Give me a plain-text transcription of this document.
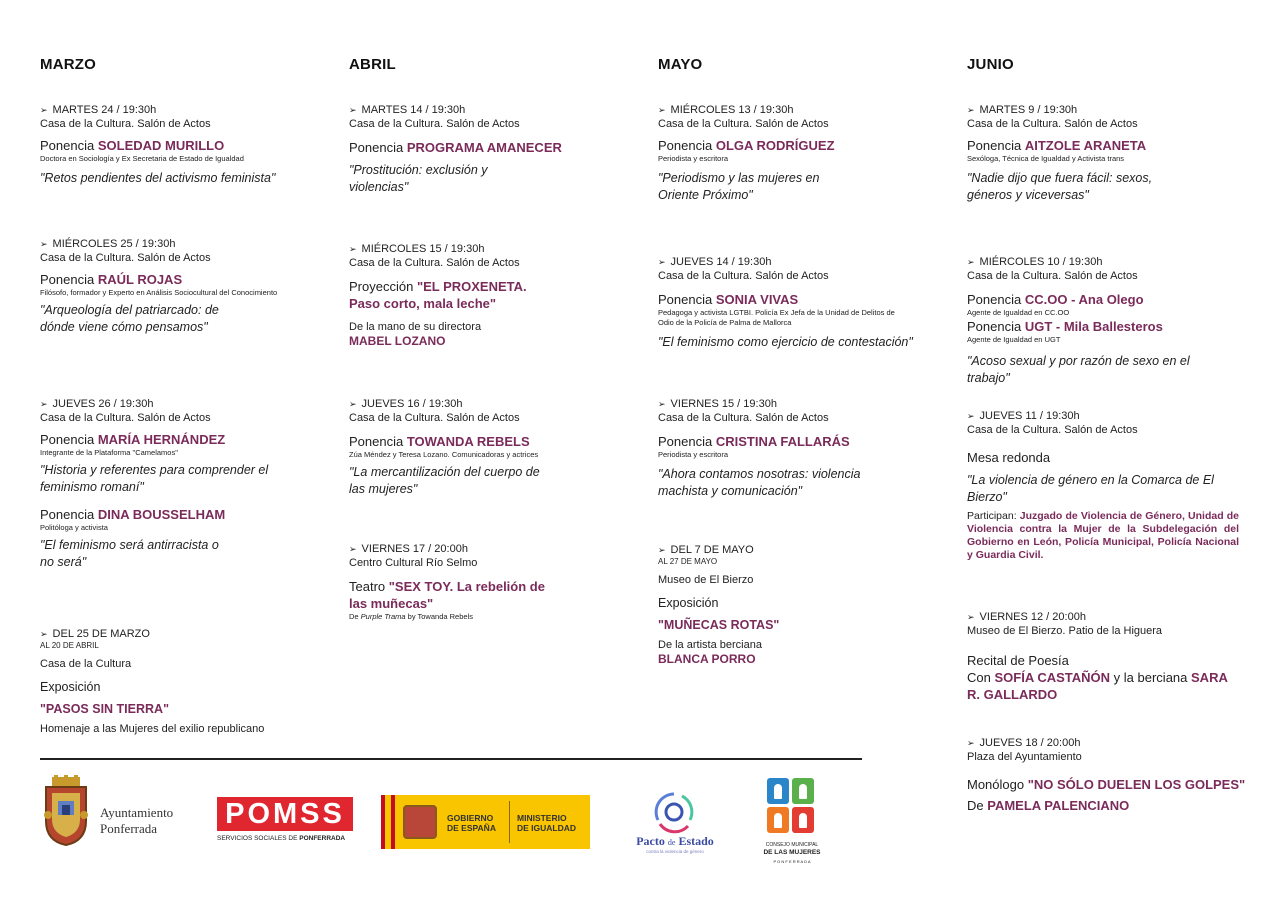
MARZO
➢ MARTES 24 / 19:30h
Casa de la Cultura. Salón de Actos
Ponencia SOLEDAD MURILLO
Doctora en Sociología y Ex Secretaria de Estado de Igualdad
"Retos pendientes del activismo feminista"
➢ MIÉRCOLES 25 / 19:30h
Casa de la Cultura. Salón de Actos
Ponencia RAÚL ROJAS
Filósofo, formador y Experto en Análisis Sociocultural del Conocimiento
"Arqueología del patriarcado: de dónde viene cómo pensamos"
➢ JUEVES 26 / 19:30h
Casa de la Cultura. Salón de Actos
Ponencia MARÍA HERNÁNDEZ
Integrante de la Plataforma "Camelamos"
"Historia y referentes para comprender el feminismo romaní"
Ponencia DINA BOUSSELHAM
Politóloga y activista
"El feminismo será antirracista o no será"
➢ DEL 25 DE MARZO
AL 20 DE ABRIL
Casa de la Cultura
Exposición
"PASOS SIN TIERRA"
Homenaje a las Mujeres del exilio republicano
ABRIL
➢ MARTES 14 / 19:30h
Casa de la Cultura. Salón de Actos
Ponencia PROGRAMA AMANECER
"Prostitución: exclusión y violencias"
➢ MIÉRCOLES 15 / 19:30h
Casa de la Cultura. Salón de Actos
Proyección "EL PROXENETA. Paso corto, mala leche"
De la mano de su directora
MABEL LOZANO
➢ JUEVES 16 / 19:30h
Casa de la Cultura. Salón de Actos
Ponencia TOWANDA REBELS
Zúa Méndez y Teresa Lozano. Comunicadoras y actrices
"La mercantilización del cuerpo de las mujeres"
➢ VIERNES 17 / 20:00h
Centro Cultural Río Selmo
Teatro "SEX TOY. La rebelión de las muñecas"
De Purple Trama by Towanda Rebels
MAYO
➢ MIÉRCOLES 13 / 19:30h
Casa de la Cultura. Salón de Actos
Ponencia OLGA RODRÍGUEZ
Periodista y escritora
"Periodismo y las mujeres en Oriente Próximo"
➢ JUEVES 14 / 19:30h
Casa de la Cultura. Salón de Actos
Ponencia SONIA VIVAS
Pedagoga y activista LGTBI. Policía Ex Jefa de la Unidad de Delitos de Odio de la Policía de Palma de Mallorca
"El feminismo como ejercicio de contestación"
➢ VIERNES 15 / 19:30h
Casa de la Cultura. Salón de Actos
Ponencia CRISTINA FALLARÁS
Periodista y escritora
"Ahora contamos nosotras: violencia machista y comunicación"
➢ DEL 7 DE MAYO
AL 27 DE MAYO
Museo de El Bierzo
Exposición
"MUÑECAS ROTAS"
De la artista berciana
BLANCA PORRO
JUNIO
➢ MARTES 9 / 19:30h
Casa de la Cultura. Salón de Actos
Ponencia AITZOLE ARANETA
Sexóloga, Técnica de Igualdad y Activista trans
"Nadie dijo que fuera fácil: sexos, géneros y viceversas"
➢ MIÉRCOLES 10 / 19:30h
Casa de la Cultura. Salón de Actos
Ponencia CC.OO - Ana Olego
Agente de Igualdad en CC.OO
Ponencia UGT - Mila Ballesteros
Agente de Igualdad en UGT
"Acoso sexual y por razón de sexo en el trabajo"
➢ JUEVES 11 / 19:30h
Casa de la Cultura. Salón de Actos
Mesa redonda
"La violencia de género en la Comarca de El Bierzo"
Participan: Juzgado de Violencia de Género, Unidad de Violencia contra la Mujer de la Subdelegación del Gobierno en León, Policía Municipal, Policía Nacional y Guardia Civil.
➢ VIERNES 12 / 20:00h
Museo de El Bierzo. Patio de la Higuera
Recital de Poesía
Con SOFÍA CASTAÑÓN y la berciana SARA R. GALLARDO
➢ JUEVES 18 / 20:00h
Plaza del Ayuntamiento
Monólogo "NO SÓLO DUELEN LOS GOLPES"
De PAMELA PALENCIANO
Ayuntamiento
Ponferrada POMSS
SERVICIOS SOCIALES DE PONFERRADA
GOBIERNO
DE ESPAÑA
MINISTERIO
DE IGUALDAD
Pacto de Estado
contra la violencia de género
CONSEJO MUNICIPAL
DE LAS MUJERES
P O N F E R R A D A
